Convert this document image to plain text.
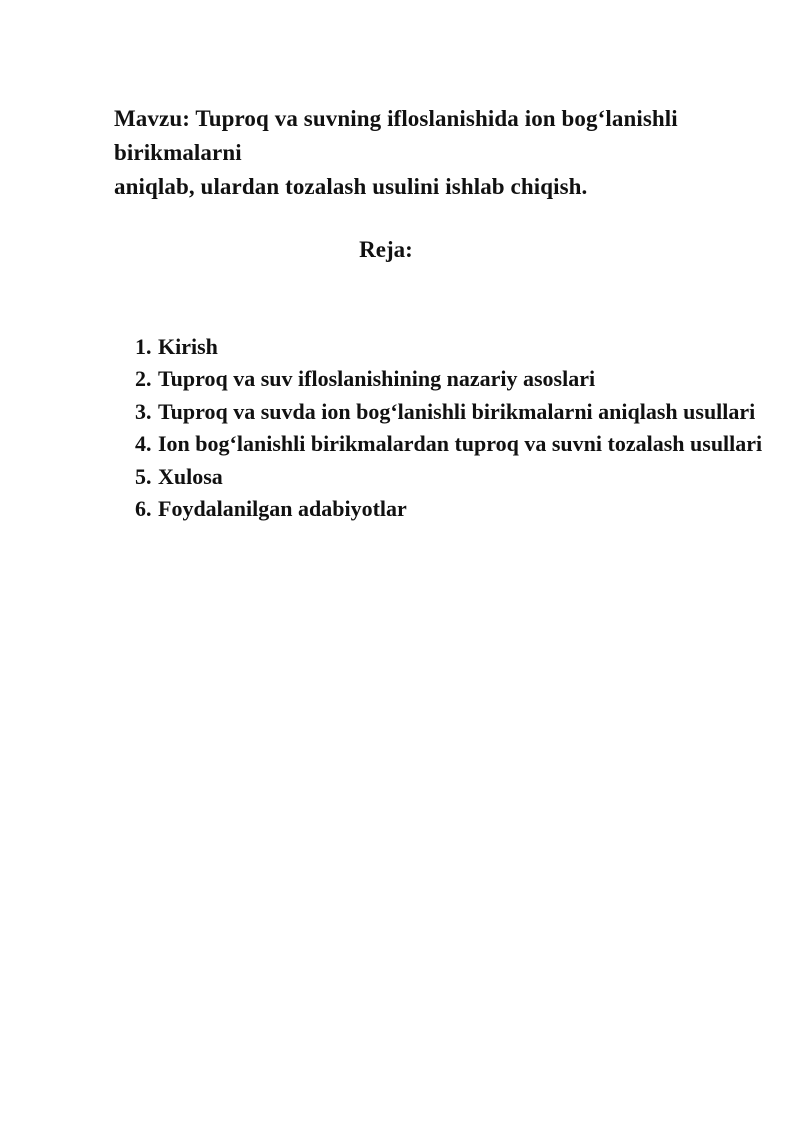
Mavzu: Tuproq va suvning ifloslanishida ion bog‘lanishli birikmalarni
aniqlab, ulardan tozalash usulini ishlab chiqish.
Reja:
1. Kirish
2. Tuproq va suv ifloslanishining nazariy asoslari
3. Tuproq va suvda ion bog‘lanishli birikmalarni aniqlash usullari
4. Ion bog‘lanishli birikmalardan tuproq va suvni tozalash usullari
5. Xulosa
6. Foydalanilgan adabiyotlar
